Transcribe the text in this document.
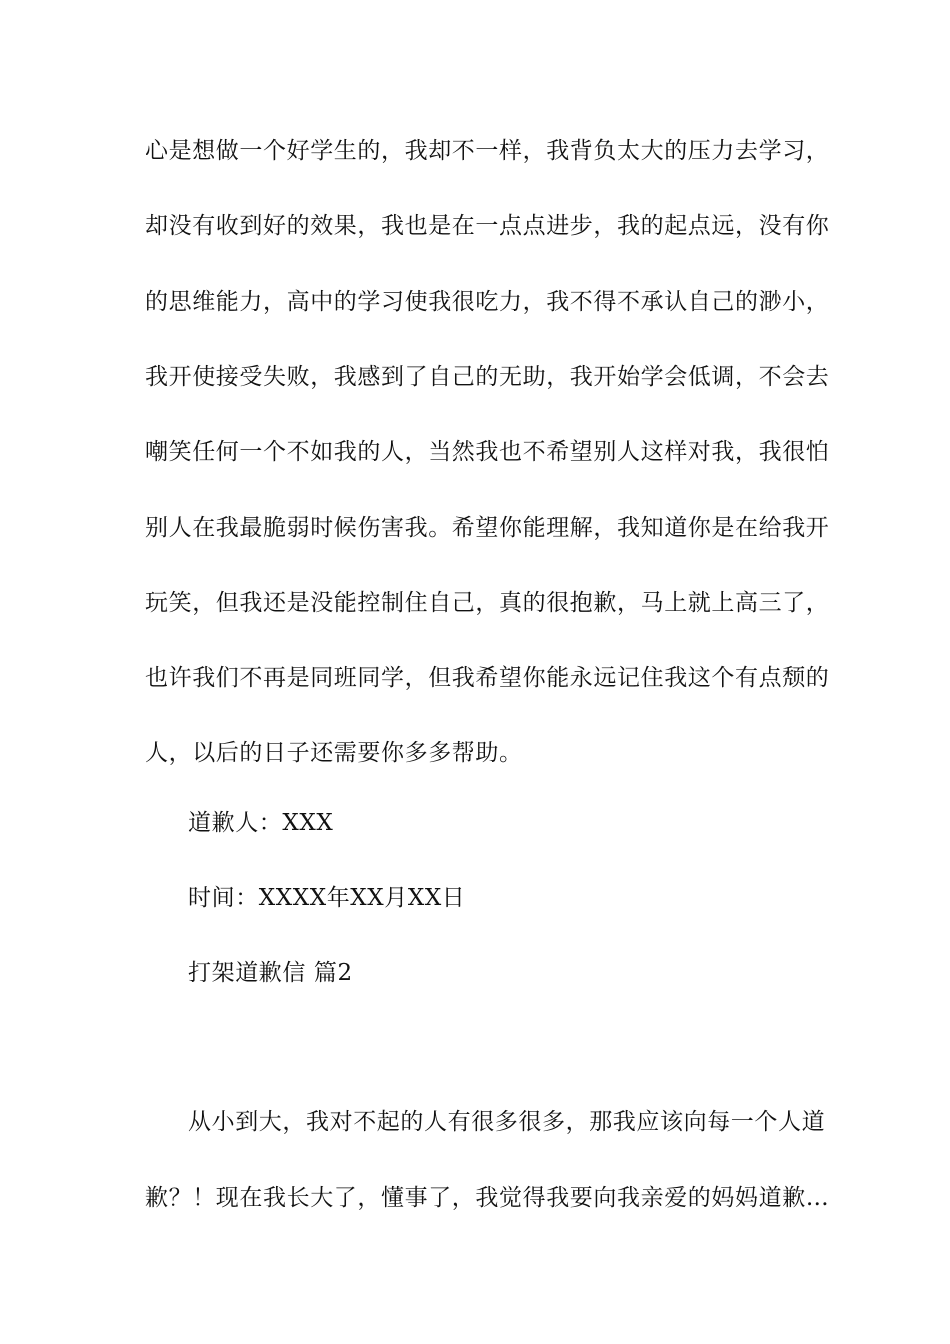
心是想做一个好学生的，我却不一样，我背负太大的压力去学习，
却没有收到好的效果，我也是在一点点进步，我的起点远，没有你
的思维能力，高中的学习使我很吃力，我不得不承认自己的渺小，
我开使接受失败，我感到了自己的无助，我开始学会低调，不会去
嘲笑任何一个不如我的人，当然我也不希望别人这样对我，我很怕
别人在我最脆弱时候伤害我。希望你能理解，我知道你是在给我开
玩笑，但我还是没能控制住自己，真的很抱歉，马上就上高三了，
也许我们不再是同班同学，但我希望你能永远记住我这个有点颓的
人，以后的日子还需要你多多帮助。
道歉人：XXX
时间：XXXX年XX月XX日
打架道歉信 篇2
从小到大，我对不起的人有很多很多，那我应该向每一个人道
歉？！现在我长大了，懂事了，我觉得我要向我亲爱的妈妈道歉…
